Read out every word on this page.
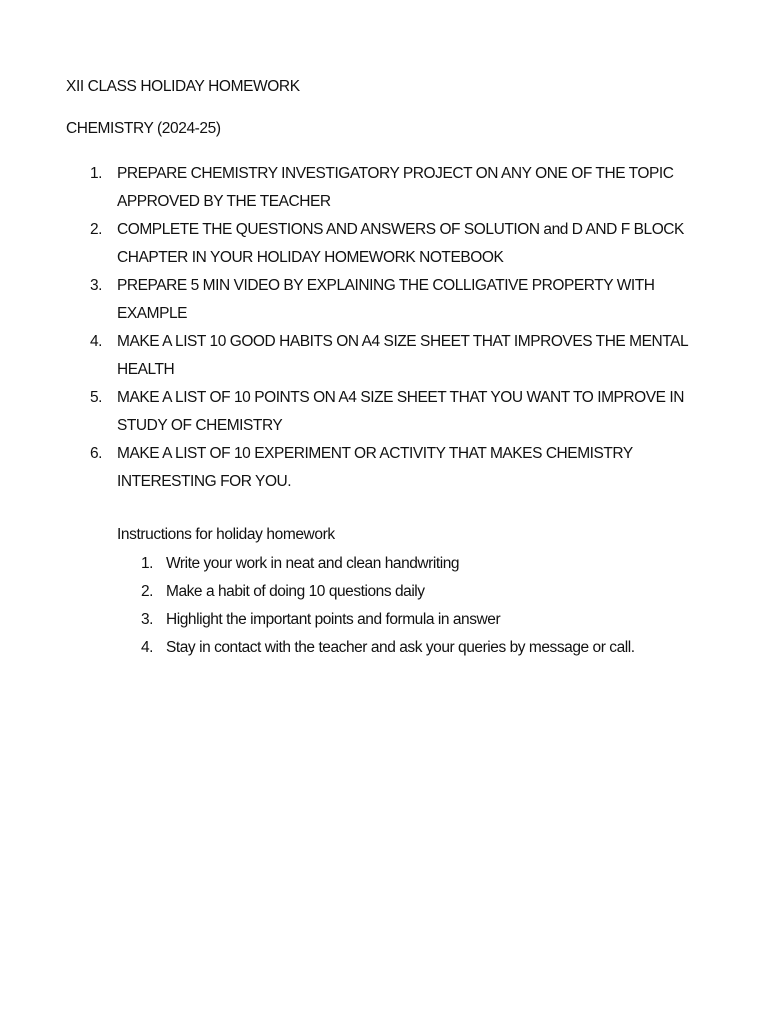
XII CLASS HOLIDAY HOMEWORK
CHEMISTRY (2024-25)
1. PREPARE CHEMISTRY INVESTIGATORY PROJECT ON ANY ONE OF THE TOPIC
APPROVED BY THE TEACHER
2. COMPLETE THE QUESTIONS AND ANSWERS OF SOLUTION and D AND F BLOCK
CHAPTER IN YOUR HOLIDAY HOMEWORK NOTEBOOK
3. PREPARE 5 MIN VIDEO BY EXPLAINING THE COLLIGATIVE PROPERTY WITH
EXAMPLE
4. MAKE A LIST 10 GOOD HABITS ON A4 SIZE SHEET THAT IMPROVES THE MENTAL
HEALTH
5. MAKE A LIST OF 10 POINTS ON A4 SIZE SHEET THAT YOU WANT TO IMPROVE IN
STUDY OF CHEMISTRY
6. MAKE A LIST OF 10 EXPERIMENT OR ACTIVITY THAT MAKES CHEMISTRY
INTERESTING FOR YOU.
Instructions for holiday homework
1. Write your work in neat and clean handwriting
2. Make a habit of doing 10 questions daily
3. Highlight the important points and formula in answer
4. Stay in contact with the teacher and ask your queries by message or call.
